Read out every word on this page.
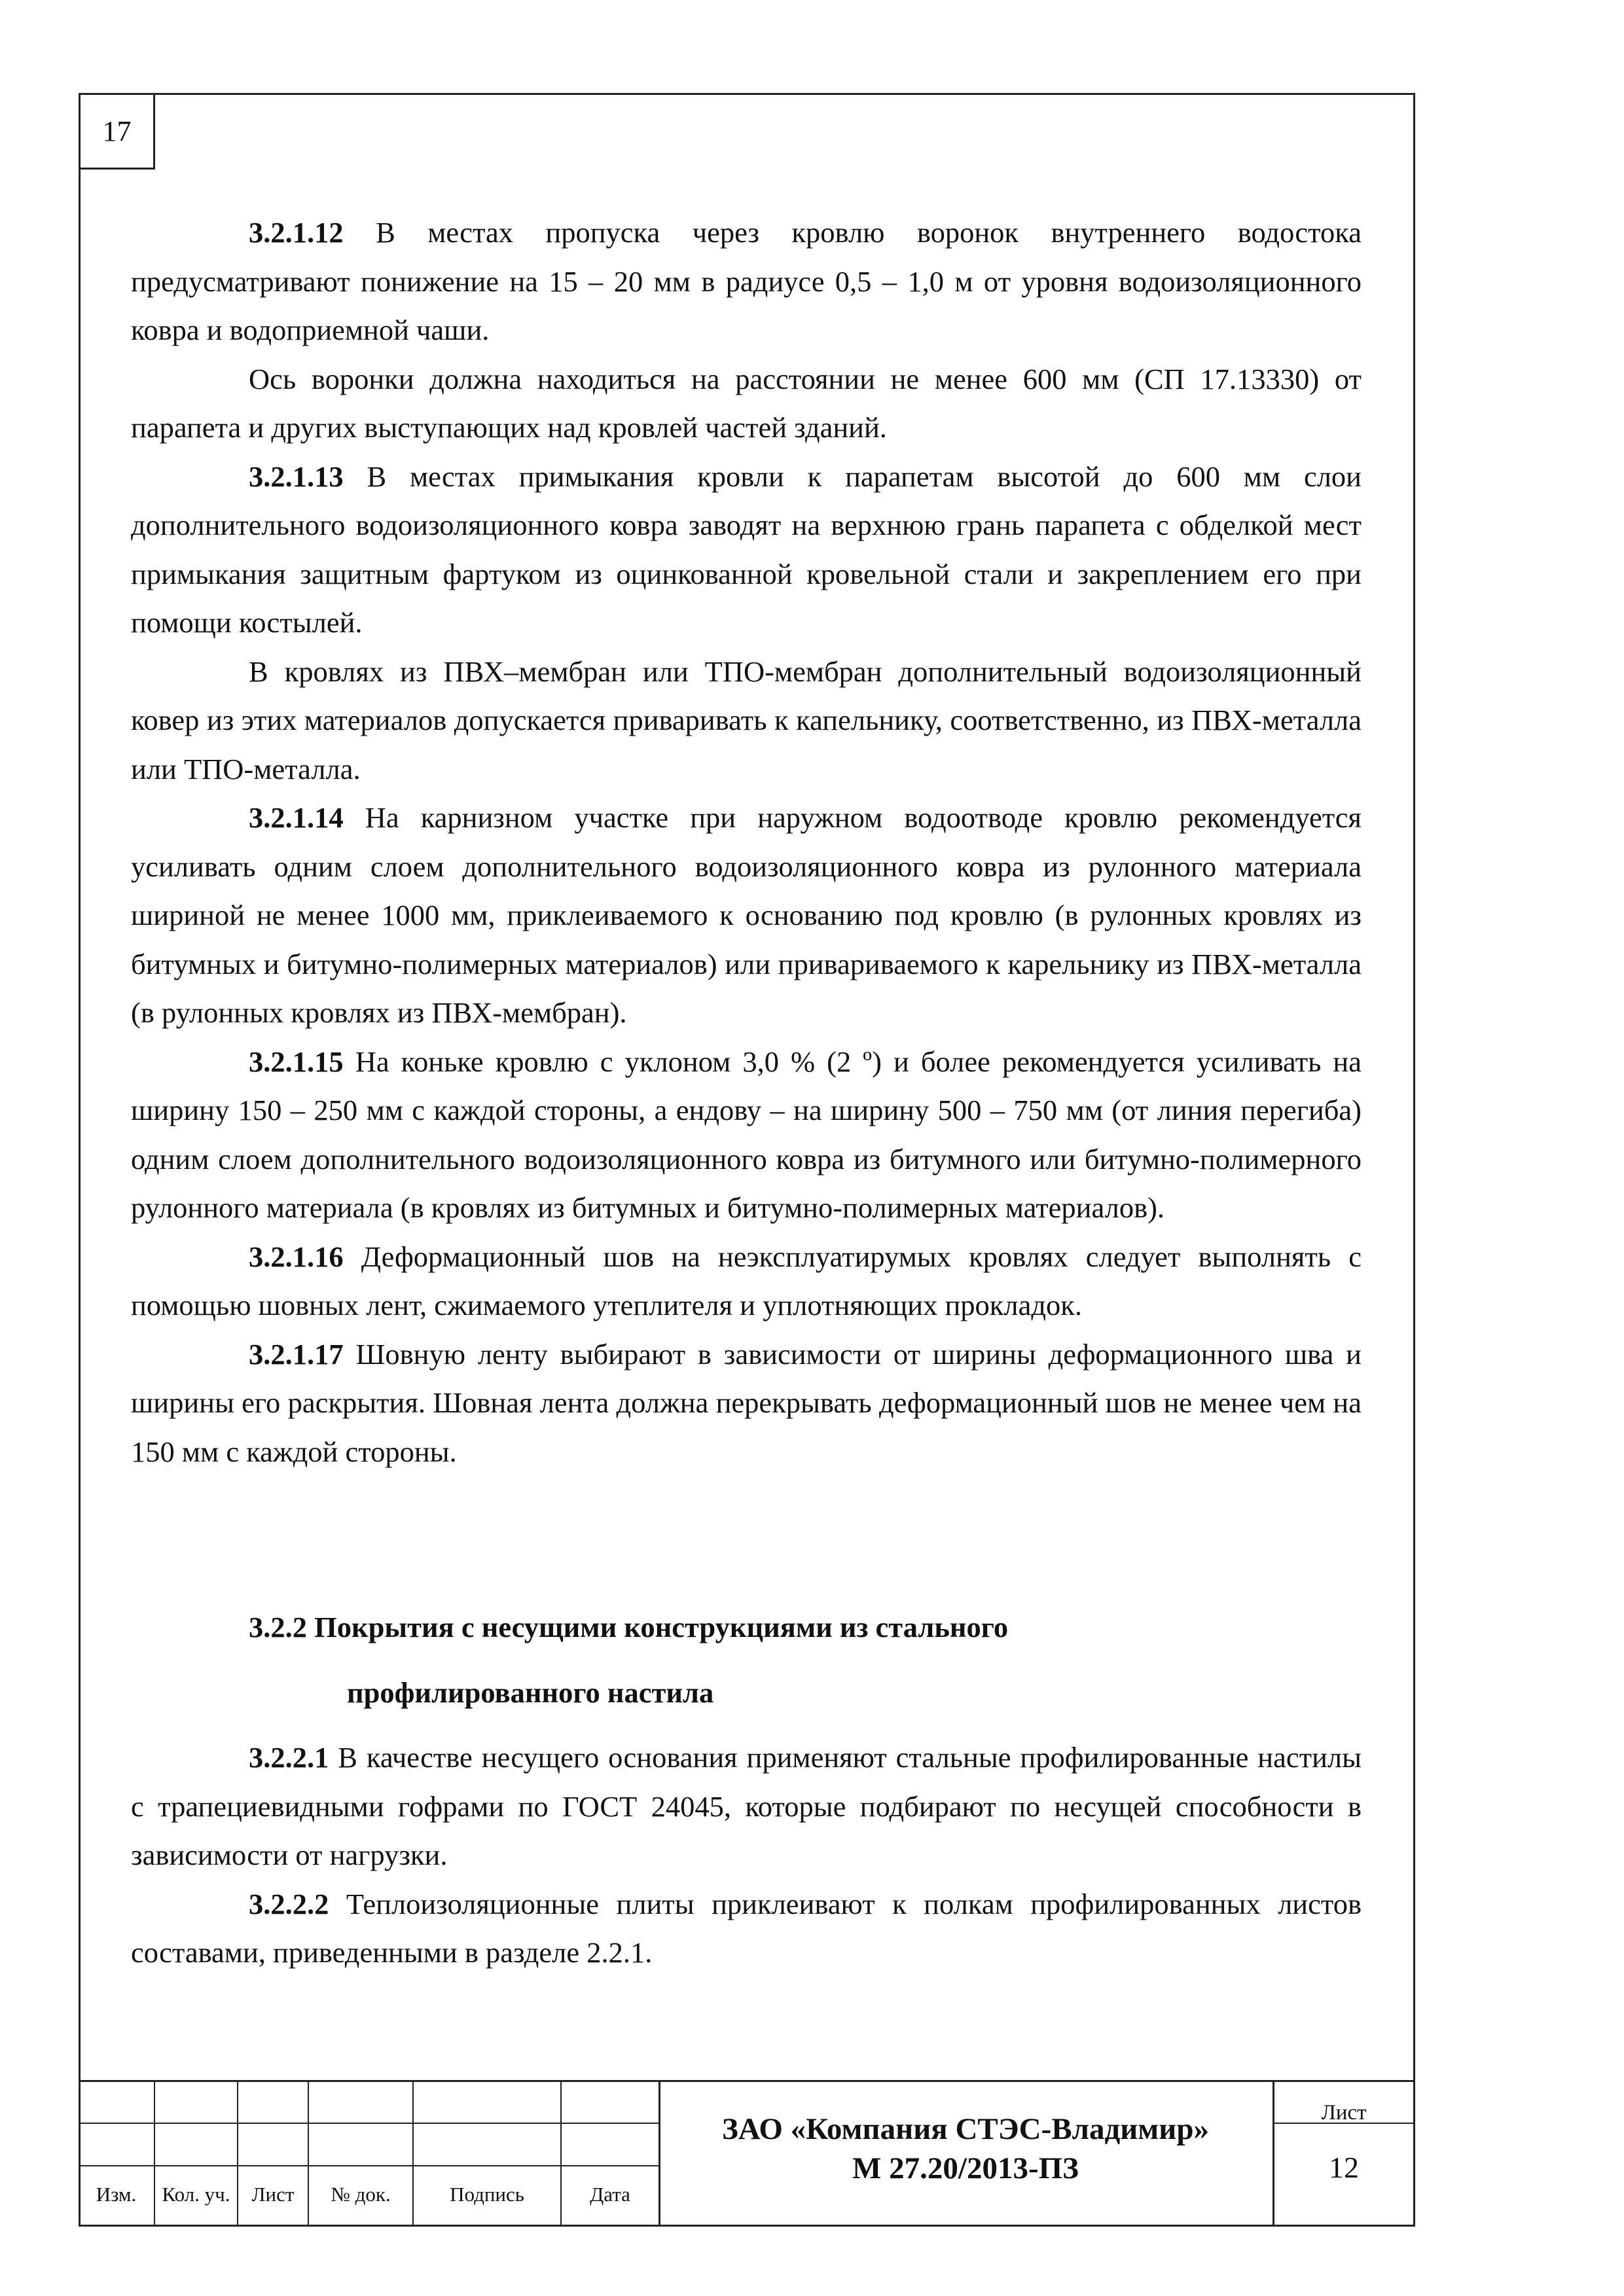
17

3.2.1.12 В местах пропуска через кровлю воронок внутреннего водостока предусматривают понижение на 15 – 20 мм в радиусе 0,5 – 1,0 м от уровня водоизоляционного ковра и водоприемной чаши.

Ось воронки должна находиться на расстоянии не менее 600 мм (СП 17.13330) от парапета и других выступающих над кровлей частей зданий.

3.2.1.13 В местах примыкания кровли к парапетам высотой до 600 мм слои дополнительного водоизоляционного ковра заводят на верхнюю грань парапета с обделкой мест примыкания защитным фартуком из оцинкованной кровельной стали и закреплением его при помощи костылей.

В кровлях из ПВХ–мембран или ТПО-мембран дополнительный водоизоляционный ковер из этих материалов допускается приваривать к капельнику, соответственно, из ПВХ-металла или ТПО-металла.

3.2.1.14 На карнизном участке при наружном водоотводе кровлю рекомендуется усиливать одним слоем дополнительного водоизоляционного ковра из рулонного материала шириной не менее 1000 мм, приклеиваемого к основанию под кровлю (в рулонных кровлях из битумных и битумно-полимерных материалов) или привариваемого к карельнику из ПВХ-металла (в рулонных кровлях из ПВХ-мембран).

3.2.1.15 На коньке кровлю с уклоном 3,0 % (2 º) и более рекомендуется усиливать на ширину 150 – 250 мм с каждой стороны, а ендову – на ширину 500 – 750 мм (от линия перегиба) одним слоем дополнительного водоизоляционного ковра из битумного или битумно-полимерного рулонного материала (в кровлях из битумных и битумно-полимерных материалов).

3.2.1.16 Деформационный шов на неэксплуатирумых кровлях следует выполнять с помощью шовных лент, сжимаемого утеплителя и уплотняющих прокладок.

3.2.1.17 Шовную ленту выбирают в зависимости от ширины деформационного шва и ширины его раскрытия. Шовная лента должна перекрывать деформационный шов не менее чем на 150 мм с каждой стороны.

3.2.2 Покрытия с несущими конструкциями из стального
профилированного настила

3.2.2.1 В качестве несущего основания применяют стальные профилированные настилы с трапециевидными гофрами по ГОСТ 24045, которые подбирают по несущей способности в зависимости от нагрузки.

3.2.2.2 Теплоизоляционные плиты приклеивают к полкам профилированных листов составами, приведенными в разделе 2.2.1.

Изм.	Кол. уч.	Лист	№ док.	Подпись	Дата
ЗАО «Компания СТЭС-Владимир»
М 27.20/2013-ПЗ
Лист
12
